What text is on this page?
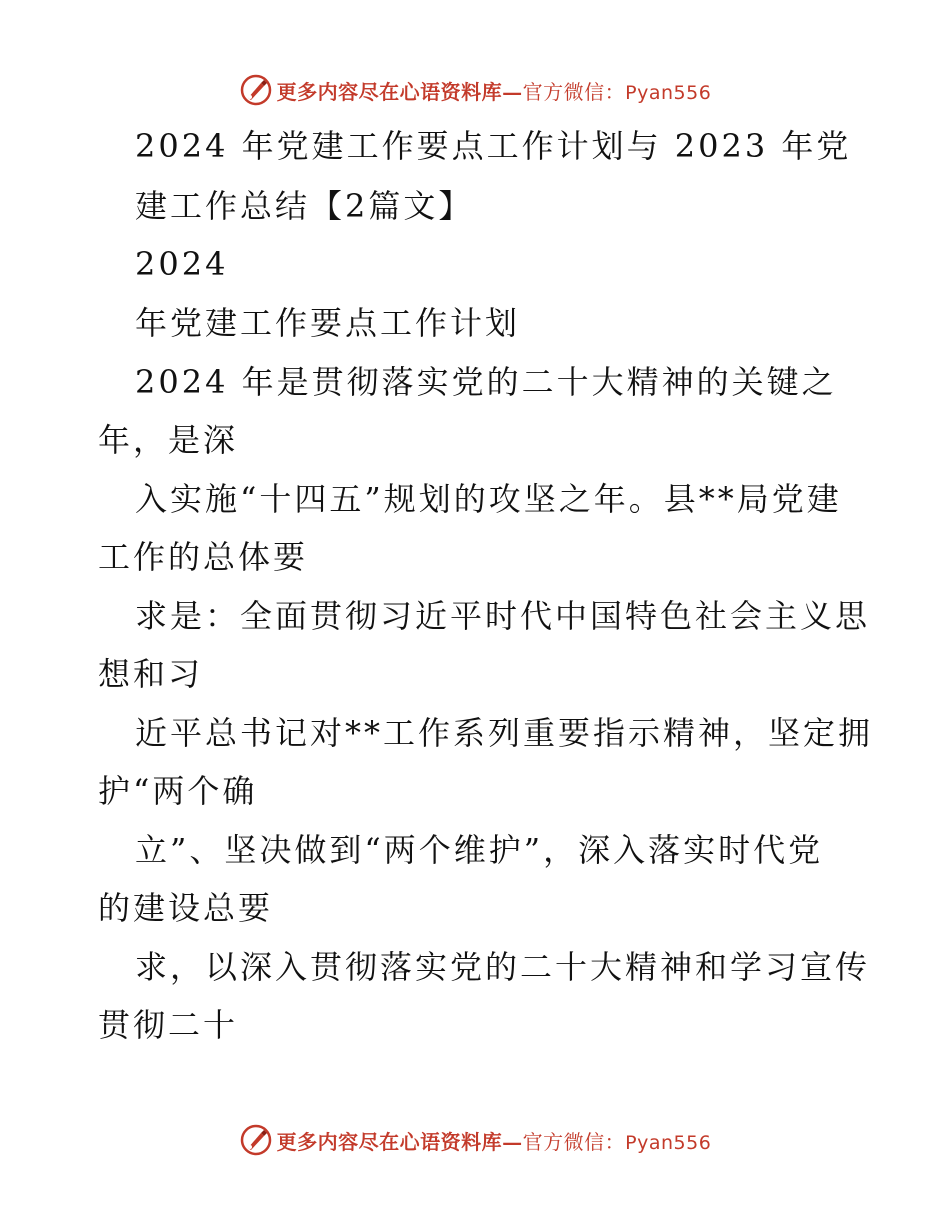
更多内容尽在心语资料库—官方微信：Pyan556
2024 年党建工作要点工作计划与 2023 年党
建工作总结【2篇文】
2024
年党建工作要点工作计划
2024 年是贯彻落实党的二十大精神的关键之
年，是深
入实施“十四五”规划的攻坚之年。县**局党建
工作的总体要
求是：全面贯彻习近平时代中国特色社会主义思
想和习
近平总书记对**工作系列重要指示精神，坚定拥
护“两个确
立”、坚决做到“两个维护”，深入落实时代党
的建设总要
求，以深入贯彻落实党的二十大精神和学习宣传
贯彻二十
更多内容尽在心语资料库—官方微信：Pyan556
